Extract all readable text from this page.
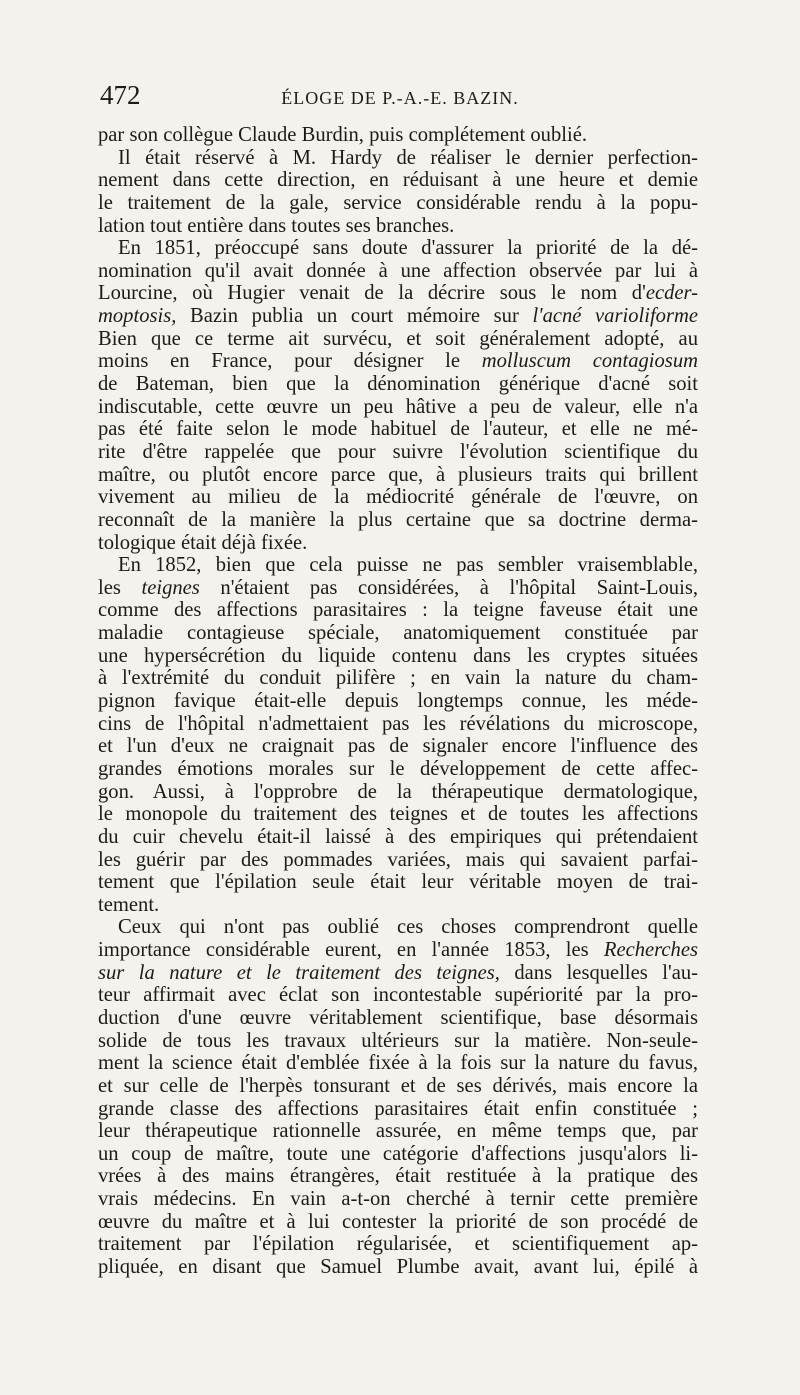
472	ÉLOGE DE P.-A.-E. BAZIN.
par son collègue Claude Burdin, puis complétement oublié.
Il était réservé à M. Hardy de réaliser le dernier perfection-
nement dans cette direction, en réduisant à une heure et demie
le traitement de la gale, service considérable rendu à la popu-
lation tout entière dans toutes ses branches.
En 1851, préoccupé sans doute d'assurer la priorité de la dé-
nomination qu'il avait donnée à une affection observée par lui à
Lourcine, où Hugier venait de la décrire sous le nom d'ecder-
moptosis, Bazin publia un court mémoire sur l'acné varioliforme
Bien que ce terme ait survécu, et soit généralement adopté, au
moins en France, pour désigner le molluscum contagiosum
de Bateman, bien que la dénomination générique d'acné soit
indiscutable, cette œuvre un peu hâtive a peu de valeur, elle n'a
pas été faite selon le mode habituel de l'auteur, et elle ne mé-
rite d'être rappelée que pour suivre l'évolution scientifique du
maître, ou plutôt encore parce que, à plusieurs traits qui brillent
vivement au milieu de la médiocrité générale de l'œuvre, on
reconnaît de la manière la plus certaine que sa doctrine derma-
tologique était déjà fixée.
En 1852, bien que cela puisse ne pas sembler vraisemblable,
les teignes n'étaient pas considérées, à l'hôpital Saint-Louis,
comme des affections parasitaires : la teigne faveuse était une
maladie contagieuse spéciale, anatomiquement constituée par
une hypersécrétion du liquide contenu dans les cryptes situées
à l'extrémité du conduit pilifère ; en vain la nature du cham-
pignon favique était-elle depuis longtemps connue, les méde-
cins de l'hôpital n'admettaient pas les révélations du microscope,
et l'un d'eux ne craignait pas de signaler encore l'influence des
grandes émotions morales sur le développement de cette affec-
gon. Aussi, à l'opprobre de la thérapeutique dermatologique,
le monopole du traitement des teignes et de toutes les affections
du cuir chevelu était-il laissé à des empiriques qui prétendaient
les guérir par des pommades variées, mais qui savaient parfai-
tement que l'épilation seule était leur véritable moyen de trai-
tement.
Ceux qui n'ont pas oublié ces choses comprendront quelle
importance considérable eurent, en l'année 1853, les Recherches
sur la nature et le traitement des teignes, dans lesquelles l'au-
teur affirmait avec éclat son incontestable supériorité par la pro-
duction d'une œuvre véritablement scientifique, base désormais
solide de tous les travaux ultérieurs sur la matière. Non-seule-
ment la science était d'emblée fixée à la fois sur la nature du favus,
et sur celle de l'herpès tonsurant et de ses dérivés, mais encore la
grande classe des affections parasitaires était enfin constituée ;
leur thérapeutique rationnelle assurée, en même temps que, par
un coup de maître, toute une catégorie d'affections jusqu'alors li-
vrées à des mains étrangères, était restituée à la pratique des
vrais médecins. En vain a-t-on cherché à ternir cette première
œuvre du maître et à lui contester la priorité de son procédé de
traitement par l'épilation régularisée, et scientifiquement ap-
pliquée, en disant que Samuel Plumbe avait, avant lui, épilé à
